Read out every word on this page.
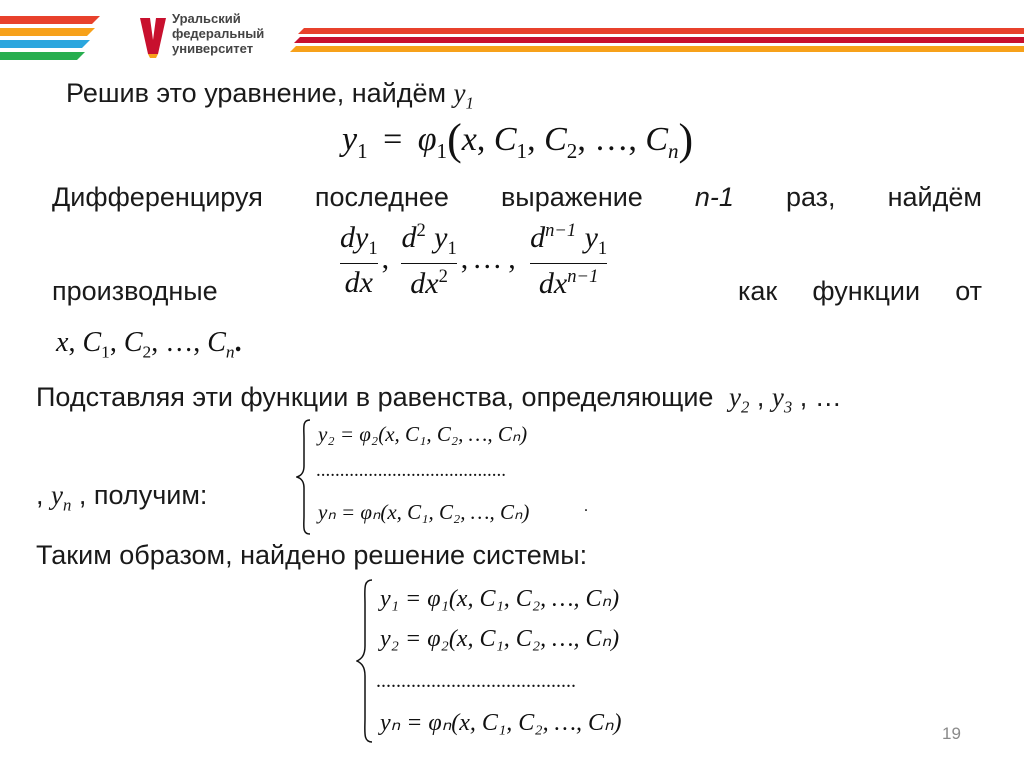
Уральский
федеральный
университет
Решив это уравнение, найдём $y_1$
$y_1 = \varphi_1(x$, $C_1$, $C_2$, …, $C_n$)
Дифференцируя последнее выражение n-1 раз, найдём
производные	$\frac{dy_1}{dx}$ , $\frac{d^2 y_1}{dx^2}$ , … , $\frac{d^{n-1} y_1}{dx^{n-1}}$	как функции от
x, $C_1$, $C_2$, …, $C_n$.
Подставляя эти функции в равенства, определяющие $y_2$ , $y_3$ , …
, $y_n$ , получим:
y₂ = φ₂(x, C₁, C₂, …, Cₙ)
........................................
yₙ = φₙ(x, C₁, C₂, …, Cₙ)	.
Таким образом, найдено решение системы:
y₁ = φ₁(x, C₁, C₂, …, Cₙ)
y₂ = φ₂(x, C₁, C₂, …, Cₙ)
........................................
yₙ = φₙ(x, C₁, C₂, …, Cₙ)	19
